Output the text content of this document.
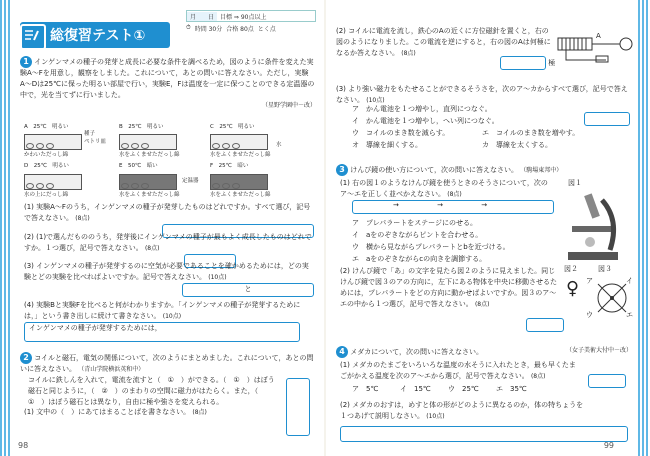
総復習テスト①
月　　日	目標 ⇒ 90点以上
⏱ 時間 30分 合格 80点 とく点
1 インゲンマメの種子の発芽と成長に必要な条件を調べるため，図のように条件を変えた実験A〜Fを用意し，観察をしました。これについて，あとの問いに答えなさい。ただし，実験A〜Dは25℃に保った明るい部屋で行い，実験E，Fは温度を一定に保つことのできる定温器の中で，光を当てずに行いました。
（星野学園中－改）
A　25℃　明るい	B　25℃　明るい	C　25℃　明るい
種子
ペトリ皿
かわいただっし綿	水をふくませただっし綿	水をふくませただっし綿
水
D　25℃　明るい	E　50℃　暗い	F　25℃　暗い
定温器
水の上にだっし綿	水をふくませただっし綿	水をふくませただっし綿
(1) 実験A〜Fのうち，インゲンマメの種子が発芽したものはどれですか。すべて選び，記号で答えなさい。 (8点)
(2) (1)で選んだもののうち，発芽後にインゲンマメの種子が最もよく成長したものはどれですか。１つ選び，記号で答えなさい。 (8点)
(3) インゲンマメの種子が発芽するのに空気が必要であることを確かめるためには，どの実験とどの実験を比べればよいですか。記号で答えなさい。 (10点)
と
(4) 実験Bと実験Fを比べると何がわかりますか。「インゲンマメの種子が発芽するためには，」という書き出しに続けて書きなさい。 (10点) インゲンマメの種子が発芽するためには，
2 コイルと磁石，電気の関係について，次のようにまとめました。これについて，あとの問いに答えなさい。 （青山学院横浜英和中）
コイルに鉄しんを入れて，電流を流すと（　①　）ができる。（　①　）はぼう磁石と同じように，（　②　）のまわりの空間に磁力がはたらく。また，（　①　）はぼう磁石とは異なり，自由に極や強さを変えられる。
(1) 文中の（　）にあてはまることばを書きなさい。 (8点)
98
(2) コイルに電流を流し，鉄心のAの近くに方位磁針を置くと，右の図のようになりました。この電流を逆にすると，右の図のAは何極になるか答えなさい。 (8点)
A
極
(3) より強い磁力をもたせることができるそうさを，次のア〜カからすべて選び，記号で答えなさい。 (10点)
ア　かん電池を１つ増やし，直列につなぐ。
イ　かん電池を１つ増やし，へい列につなぐ。
ウ　コイルのまき数を減らす。	エ　コイルのまき数を増やす。
オ　導線を細くする。	カ　導線を太くする。
3 けんび鏡の使い方について，次の問いに答えなさい。 （駒場東邦中）
(1) 右の図１のようなけんび鏡を使うときのそうさについて，次のア〜エを正しく並べかえなさい。 (8点)
→	→	→
ア　プレパラートをステージにのせる。
イ　aをのぞきながらピントを合わせる。
ウ　横から見ながらプレパラートとbを近づける。
エ　aをのぞきながらcの向きを調節する。
図１
(2) けんび鏡で「あ」の文字を見たら図２のように見えました。同じけんび鏡で図３のアの方向に，左下にある物体を中央に移動させるためには，プレパラートをどの方向に動かせばよいですか。図３のア〜エの中から１つ選び，記号で答えなさい。 (8点)
図２	図３
♀	イ
ア
ウ	エ
4 メダカについて，次の問いに答えなさい。	（女子美術大付中－改）
(1) メダカのたまごをいろいろな温度の水そうに入れたとき，最も早くたまごがかえる温度を次のア〜エから選び，記号で答えなさい。 (8点)
ア　5℃	イ　15℃ ウ　25℃ エ　35℃
(2) メダカのおすは，めすと体の形がどのように異なるのか，体の特ちょうを１つあげて説明しなさい。 (10点)
99
